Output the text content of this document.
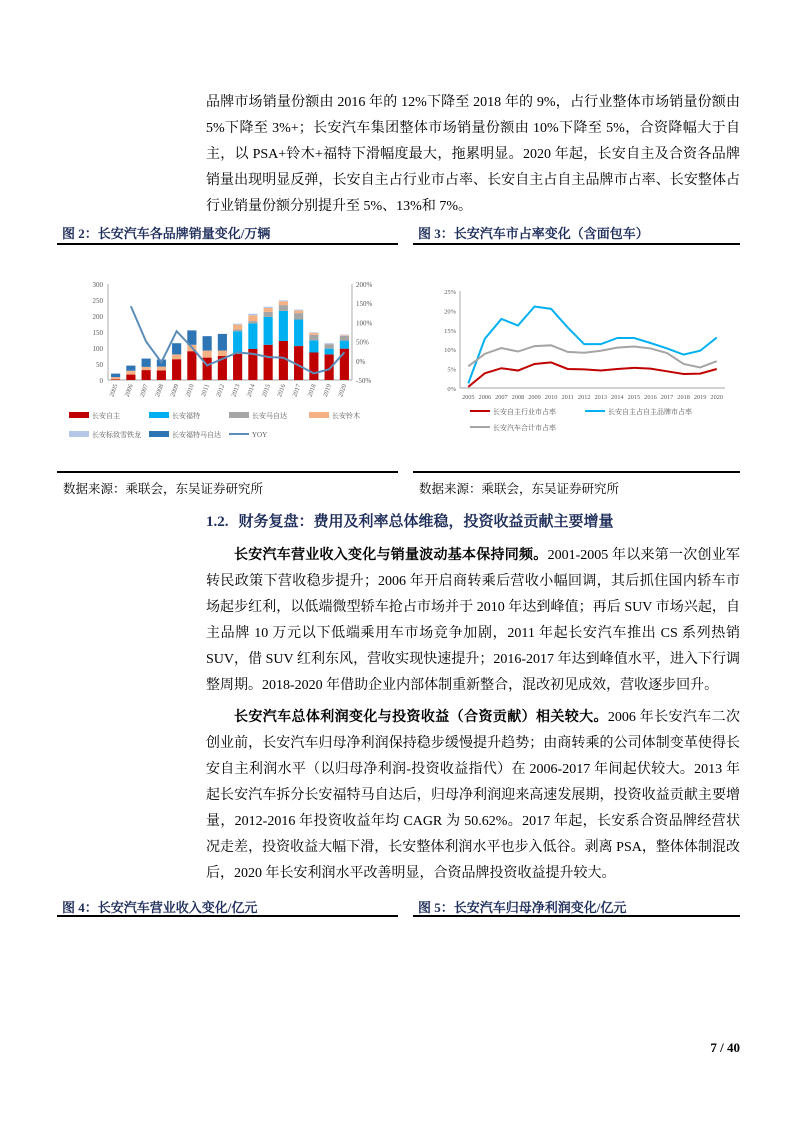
品牌市场销量份额由 2016 年的 12%下降至 2018 年的 9%，占行业整体市场销量份额由 5%下降至 3%+；长安汽车集团整体市场销量份额由 10%下降至 5%，合资降幅大于自主，以 PSA+铃木+福特下滑幅度最大，拖累明显。2020 年起，长安自主及合资各品牌销量出现明显反弹，长安自主占行业市占率、长安自主占自主品牌市占率、长安整体占行业销量份额分别提升至 5%、13%和 7%。
图 2：长安汽车各品牌销量变化/万辆	图 3：长安汽车市占率变化（含面包车）
0
50
100
150
200
250
300
-50%
0%
50%
100%
150%
200%
2005 2006 2007 2008 2009 2010 2011 2012 2013 2014 2015 2016 2017 2018 2019 2020
长安自主	长安福特	长安马自达	长安铃木
长安标致雪铁龙	长安福特马自达	YOY
0%
5%
10%
15%
20%
25%
2005 2006 2007 2008 2009 2010 2011 2012 2013 2014 2015 2016 2017 2018 2019 2020
长安自主行业市占率	长安自主占自主品牌市占率
长安汽车合计市占率
数据来源：乘联会，东吴证券研究所	数据来源：乘联会，东吴证券研究所
1.2. 财务复盘：费用及利率总体维稳，投资收益贡献主要增量
长安汽车营业收入变化与销量波动基本保持同频。2001-2005 年以来第一次创业军转民政策下营收稳步提升；2006 年开启商转乘后营收小幅回调，其后抓住国内轿车市场起步红利，以低端微型轿车抢占市场并于 2010 年达到峰值；再后 SUV 市场兴起，自主品牌 10 万元以下低端乘用车市场竞争加剧，2011 年起长安汽车推出 CS 系列热销 SUV，借 SUV 红利东风，营收实现快速提升；2016-2017 年达到峰值水平，进入下行调整周期。2018-2020 年借助企业内部体制重新整合，混改初见成效，营收逐步回升。
长安汽车总体利润变化与投资收益（合资贡献）相关较大。2006 年长安汽车二次创业前，长安汽车归母净利润保持稳步缓慢提升趋势；由商转乘的公司体制变革使得长安自主利润水平（以归母净利润-投资收益指代）在 2006-2017 年间起伏较大。2013 年起长安汽车拆分长安福特马自达后，归母净利润迎来高速发展期，投资收益贡献主要增量，2012-2016 年投资收益年均 CAGR 为 50.62%。2017 年起，长安系合资品牌经营状况走差，投资收益大幅下滑，长安整体利润水平也步入低谷。剥离 PSA，整体体制混改后，2020 年长安利润水平改善明显，合资品牌投资收益提升较大。
图 4：长安汽车营业收入变化/亿元	图 5：长安汽车归母净利润变化/亿元
7 / 40
